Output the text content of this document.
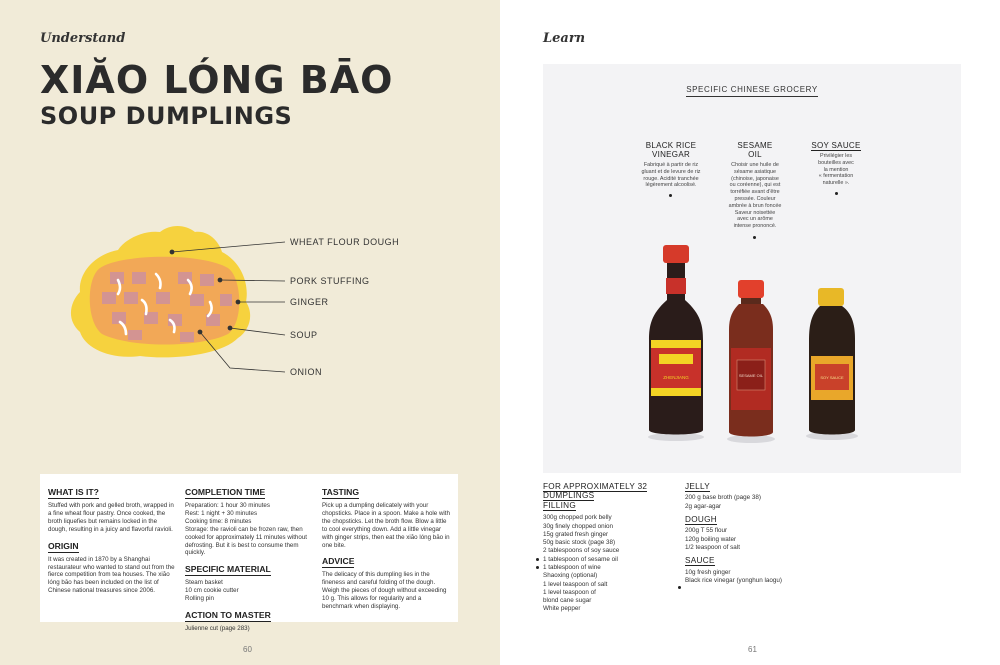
Understand
XIĂO LÓNG BĀO
SOUP DUMPLINGS
WHEAT FLOUR DOUGH
PORK STUFFING
GINGER
SOUP
ONION
WHAT IS IT?
Stuffed with pork and gelled broth, wrapped in a fine wheat flour pastry. Once cooked, the broth liquefies but remains locked in the dough, resulting in a juicy and flavorful ravioli.
ORIGIN
It was created in 1870 by a Shanghai restaurateur who wanted to stand out from the fierce competition from tea houses. The xiăo lóng bāo has been included on the list of Chinese national treasures since 2006.
COMPLETION TIME
Preparation: 1 hour 30 minutes
Rest: 1 night + 30 minutes
Cooking time: 8 minutes
Storage: the ravioli can be frozen raw, then cooked for approximately 11 minutes without defrosting. But it is best to consume them quickly.
SPECIFIC MATERIAL
Steam basket
10 cm cookie cutter
Rolling pin
ACTION TO MASTER
Julienne cut (page 283)
TASTING
Pick up a dumpling delicately with your chopsticks. Place in a spoon. Make a hole with the chopsticks. Let the broth flow. Blow a little to cool everything down. Add a little vinegar with ginger strips, then eat the xiăo lóng bāo in one bite.
ADVICE
The delicacy of this dumpling lies in the fineness and careful folding of the dough. Weigh the pieces of dough without exceeding 10 g. This allows for regularity and a benchmark when displaying.
60
Learn
61
SPECIFIC CHINESE GROCERY
BLACK RICE
VINEGAR
Fabriqué à partir de riz
gluant et de levure de riz
rouge. Acidité tranchée
légèrement alcoolisé.
SESAME
OIL
Choisir une huile de
sésame asiatique
(chinoise, japonaise
ou coréenne), qui est
torréfiée avant d'être
pressée. Couleur
ambrée à brun foncée
Saveur noisettée
avec un arôme
intense prononcé.
SOY SAUCE
Privilégier les
bouteilles avec
la mention
« fermentation
naturelle ».
ZHENJIANG	SESAME OIL	SOY SAUCE
FOR APPROXIMATELY 32
DUMPLINGS
FILLING
300g chopped pork belly
30g finely chopped onion
15g grated fresh ginger
50g basic stock (page 38)
2 tablespoons of soy sauce
1 tablespoon of sesame oil
1 tablespoon of wine
Shaoxing (optional)
1 level teaspoon of salt
1 level teaspoon of
blond cane sugar
White pepper
JELLY
200 g base broth (page 38)
2g agar-agar
DOUGH
200g T 55 flour
120g boiling water
1/2 teaspoon of salt
SAUCE
10g fresh ginger
Black rice vinegar (yonghun laogu)
